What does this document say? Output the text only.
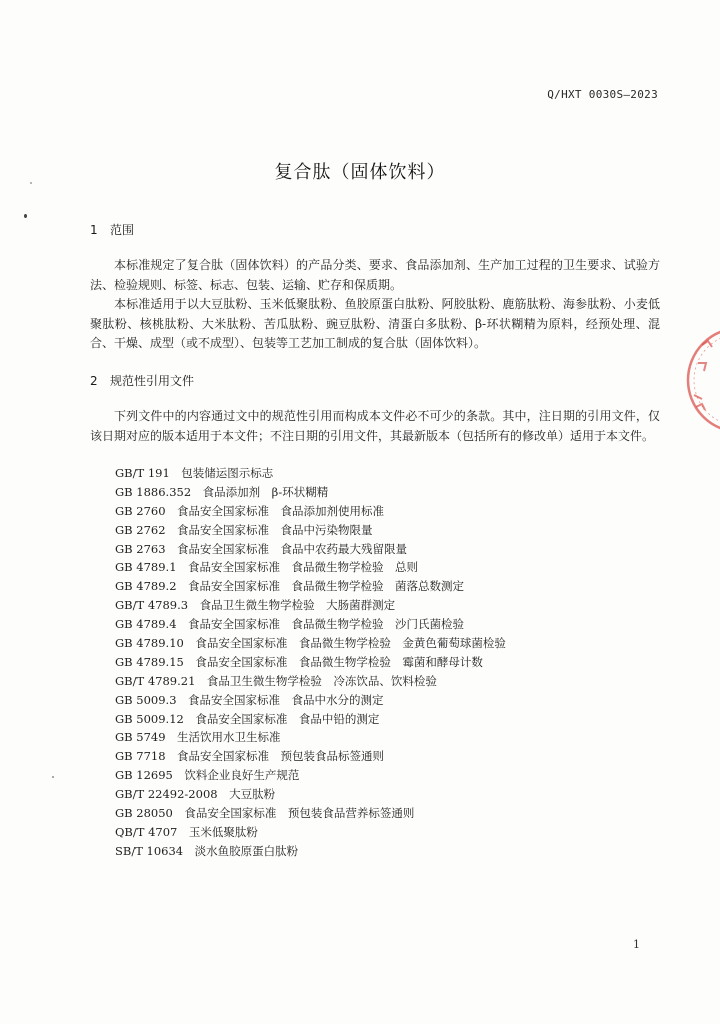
Q/HXT 0030S—2023
复合肽（固体饮料）
1 范围
本标准规定了复合肽（固体饮料）的产品分类、要求、食品添加剂、生产加工过程的卫生要求、试验方法、检验规则、标签、标志、包装、运输、贮存和保质期。
本标准适用于以大豆肽粉、玉米低聚肽粉、鱼胶原蛋白肽粉、阿胶肽粉、鹿筋肽粉、海参肽粉、小麦低聚肽粉、核桃肽粉、大米肽粉、苦瓜肽粉、豌豆肽粉、清蛋白多肽粉、β-环状糊精为原料，经预处理、混合、干燥、成型（或不成型）、包装等工艺加工制成的复合肽（固体饮料）。
2 规范性引用文件
下列文件中的内容通过文中的规范性引用而构成本文件必不可少的条款。其中，注日期的引用文件，仅该日期对应的版本适用于本文件；不注日期的引用文件，其最新版本（包括所有的修改单）适用于本文件。
GB/T 191　包装储运图示标志
GB 1886.352　食品添加剂　β-环状糊精
GB 2760　食品安全国家标准　食品添加剂使用标准
GB 2762　食品安全国家标准　食品中污染物限量
GB 2763　食品安全国家标准　食品中农药最大残留限量
GB 4789.1　食品安全国家标准　食品微生物学检验　总则
GB 4789.2　食品安全国家标准　食品微生物学检验　菌落总数测定
GB/T 4789.3　食品卫生微生物学检验　大肠菌群测定
GB 4789.4　食品安全国家标准　食品微生物学检验　沙门氏菌检验
GB 4789.10　食品安全国家标准　食品微生物学检验　金黄色葡萄球菌检验
GB 4789.15　食品安全国家标准　食品微生物学检验　霉菌和酵母计数
GB/T 4789.21　食品卫生微生物学检验　冷冻饮品、饮料检验
GB 5009.3　食品安全国家标准　食品中水分的测定
GB 5009.12　食品安全国家标准　食品中铅的测定
GB 5749　生活饮用水卫生标准
GB 7718　食品安全国家标准　预包装食品标签通则
GB 12695　饮料企业良好生产规范
GB/T 22492-2008　大豆肽粉
GB 28050　食品安全国家标准　预包装食品营养标签通则
QB/T 4707　玉米低聚肽粉
SB/T 10634　淡水鱼胶原蛋白肽粉
1
